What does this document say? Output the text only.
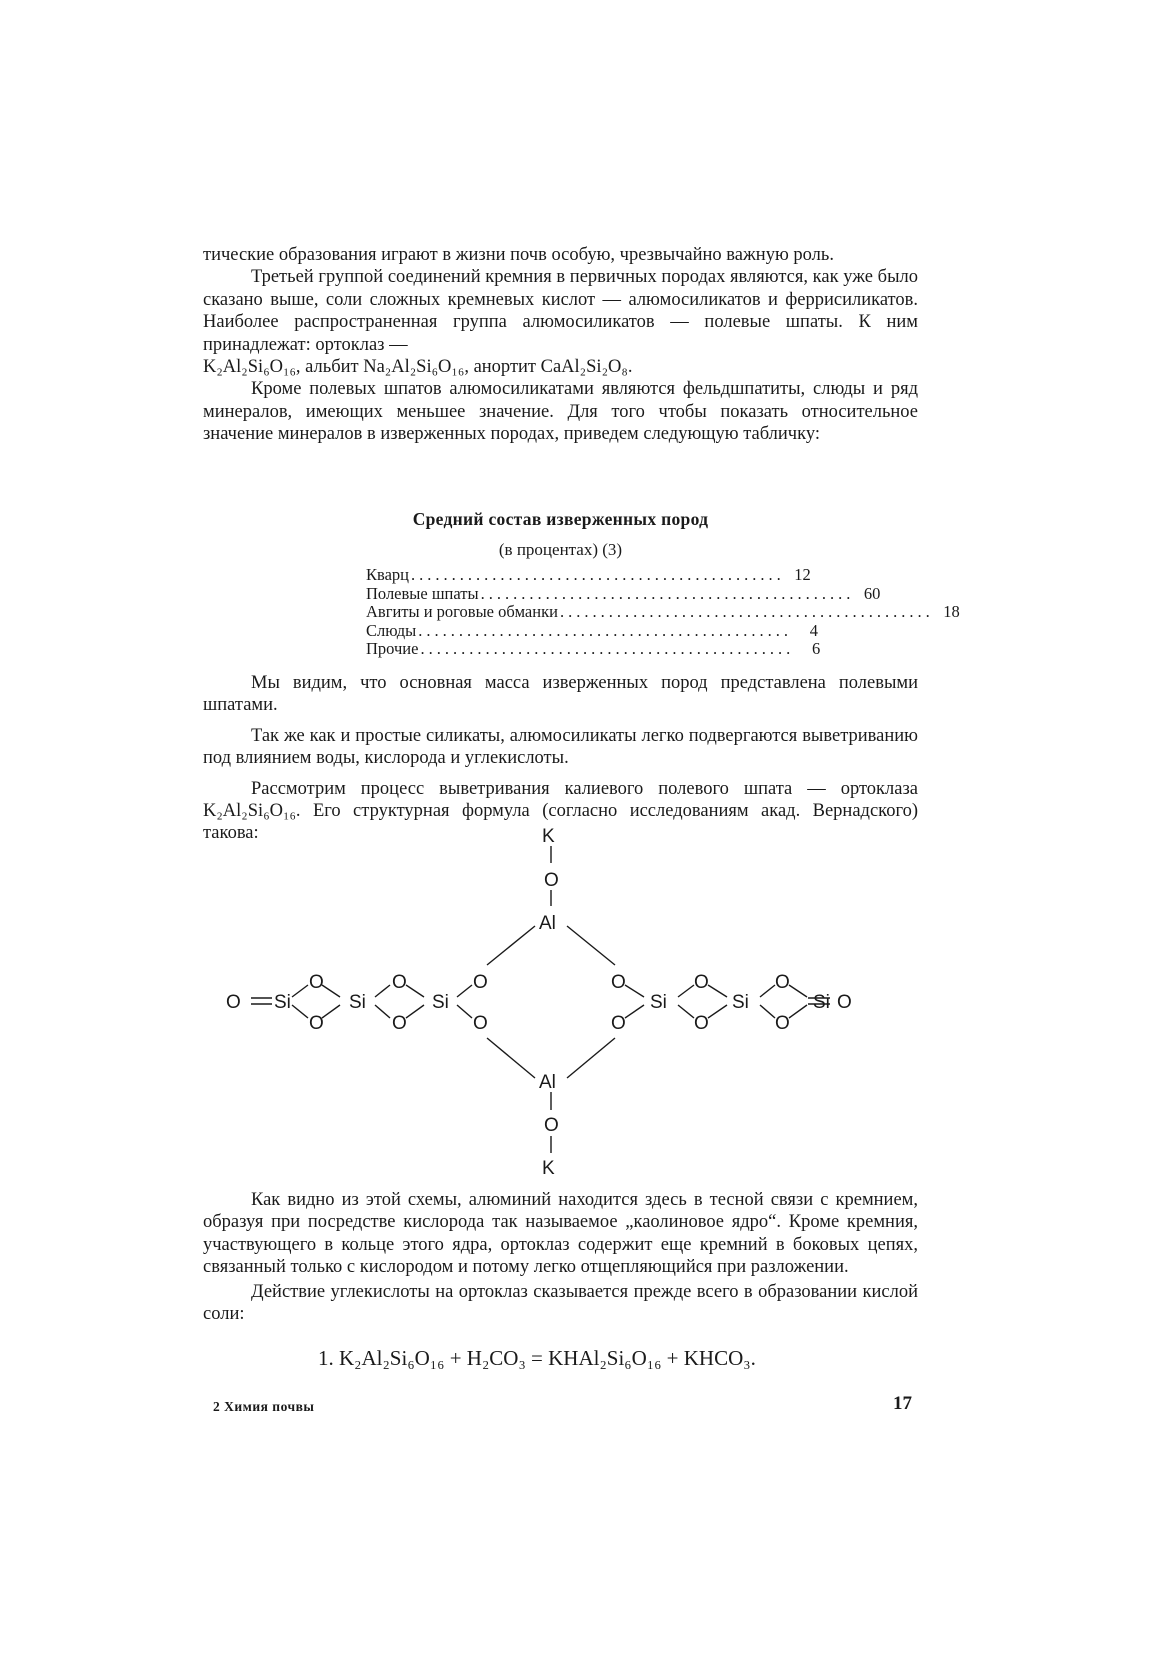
тические образования играют в жизни почв особую, чрезвычайно важную роль.

Третьей группой соединений кремния в первичных породах являются, как уже было сказано выше, соли сложных кремневых кислот — алюмосиликатов и феррисиликатов. Наиболее распространенная группа алюмосиликатов — полевые шпаты. К ним принадлежат: ортоклаз —

K₂Al₂Si₆O₁₆, альбит Na₂Al₂Si₆O₁₆, анортит CaAl₂Si₂O₈.

Кроме полевых шпатов алюмосиликатами являются фельдшпатиты, слюды и ряд минералов, имеющих меньшее значение. Для того чтобы показать относительное значение минералов в изверженных породах, приведем следующую табличку:

Средний состав изверженных пород
(в процентах) (3)
Кварц .............................................. 12
Полевые шпаты .............................................. 60
Авгиты и роговые обманки .............................................. 18
Слюды ..............................................	4
Прочие ..............................................	6

Мы видим, что основная масса изверженных пород представлена полевыми шпатами.

Так же как и простые силикаты, алюмосиликаты легко подвергаются выветриванию под влиянием воды, кислорода и углекислоты.

Рассмотрим процесс выветривания калиевого полевого шпата — ортоклаза K₂Al₂Si₆O₁₆. Его структурная формула (согласно исследованиям акад. Вернадского) такова:	K
O
Al
O Si
O
O
Si
O
O
Si
O
O
O
O
Si
O
O
Si
O
O
Si O
Al
O
K

Как видно из этой схемы, алюминий находится здесь в тесной связи с кремнием, образуя при посредстве кислорода так называемое „каолиновое ядро“. Кроме кремния, участвующего в кольце этого ядра, ортоклаз содержит еще кремний в боковых цепях, связанный только с кислородом и потому легко отщепляющийся при разложении.

Действие углекислоты на ортоклаз сказывается прежде всего в образовании кислой соли:

1. K₂Al₂Si₆O₁₆ + H₂CO₃ = KHAl₂Si₆O₁₆ + KHCO₃.
2 Химия почвы	17
